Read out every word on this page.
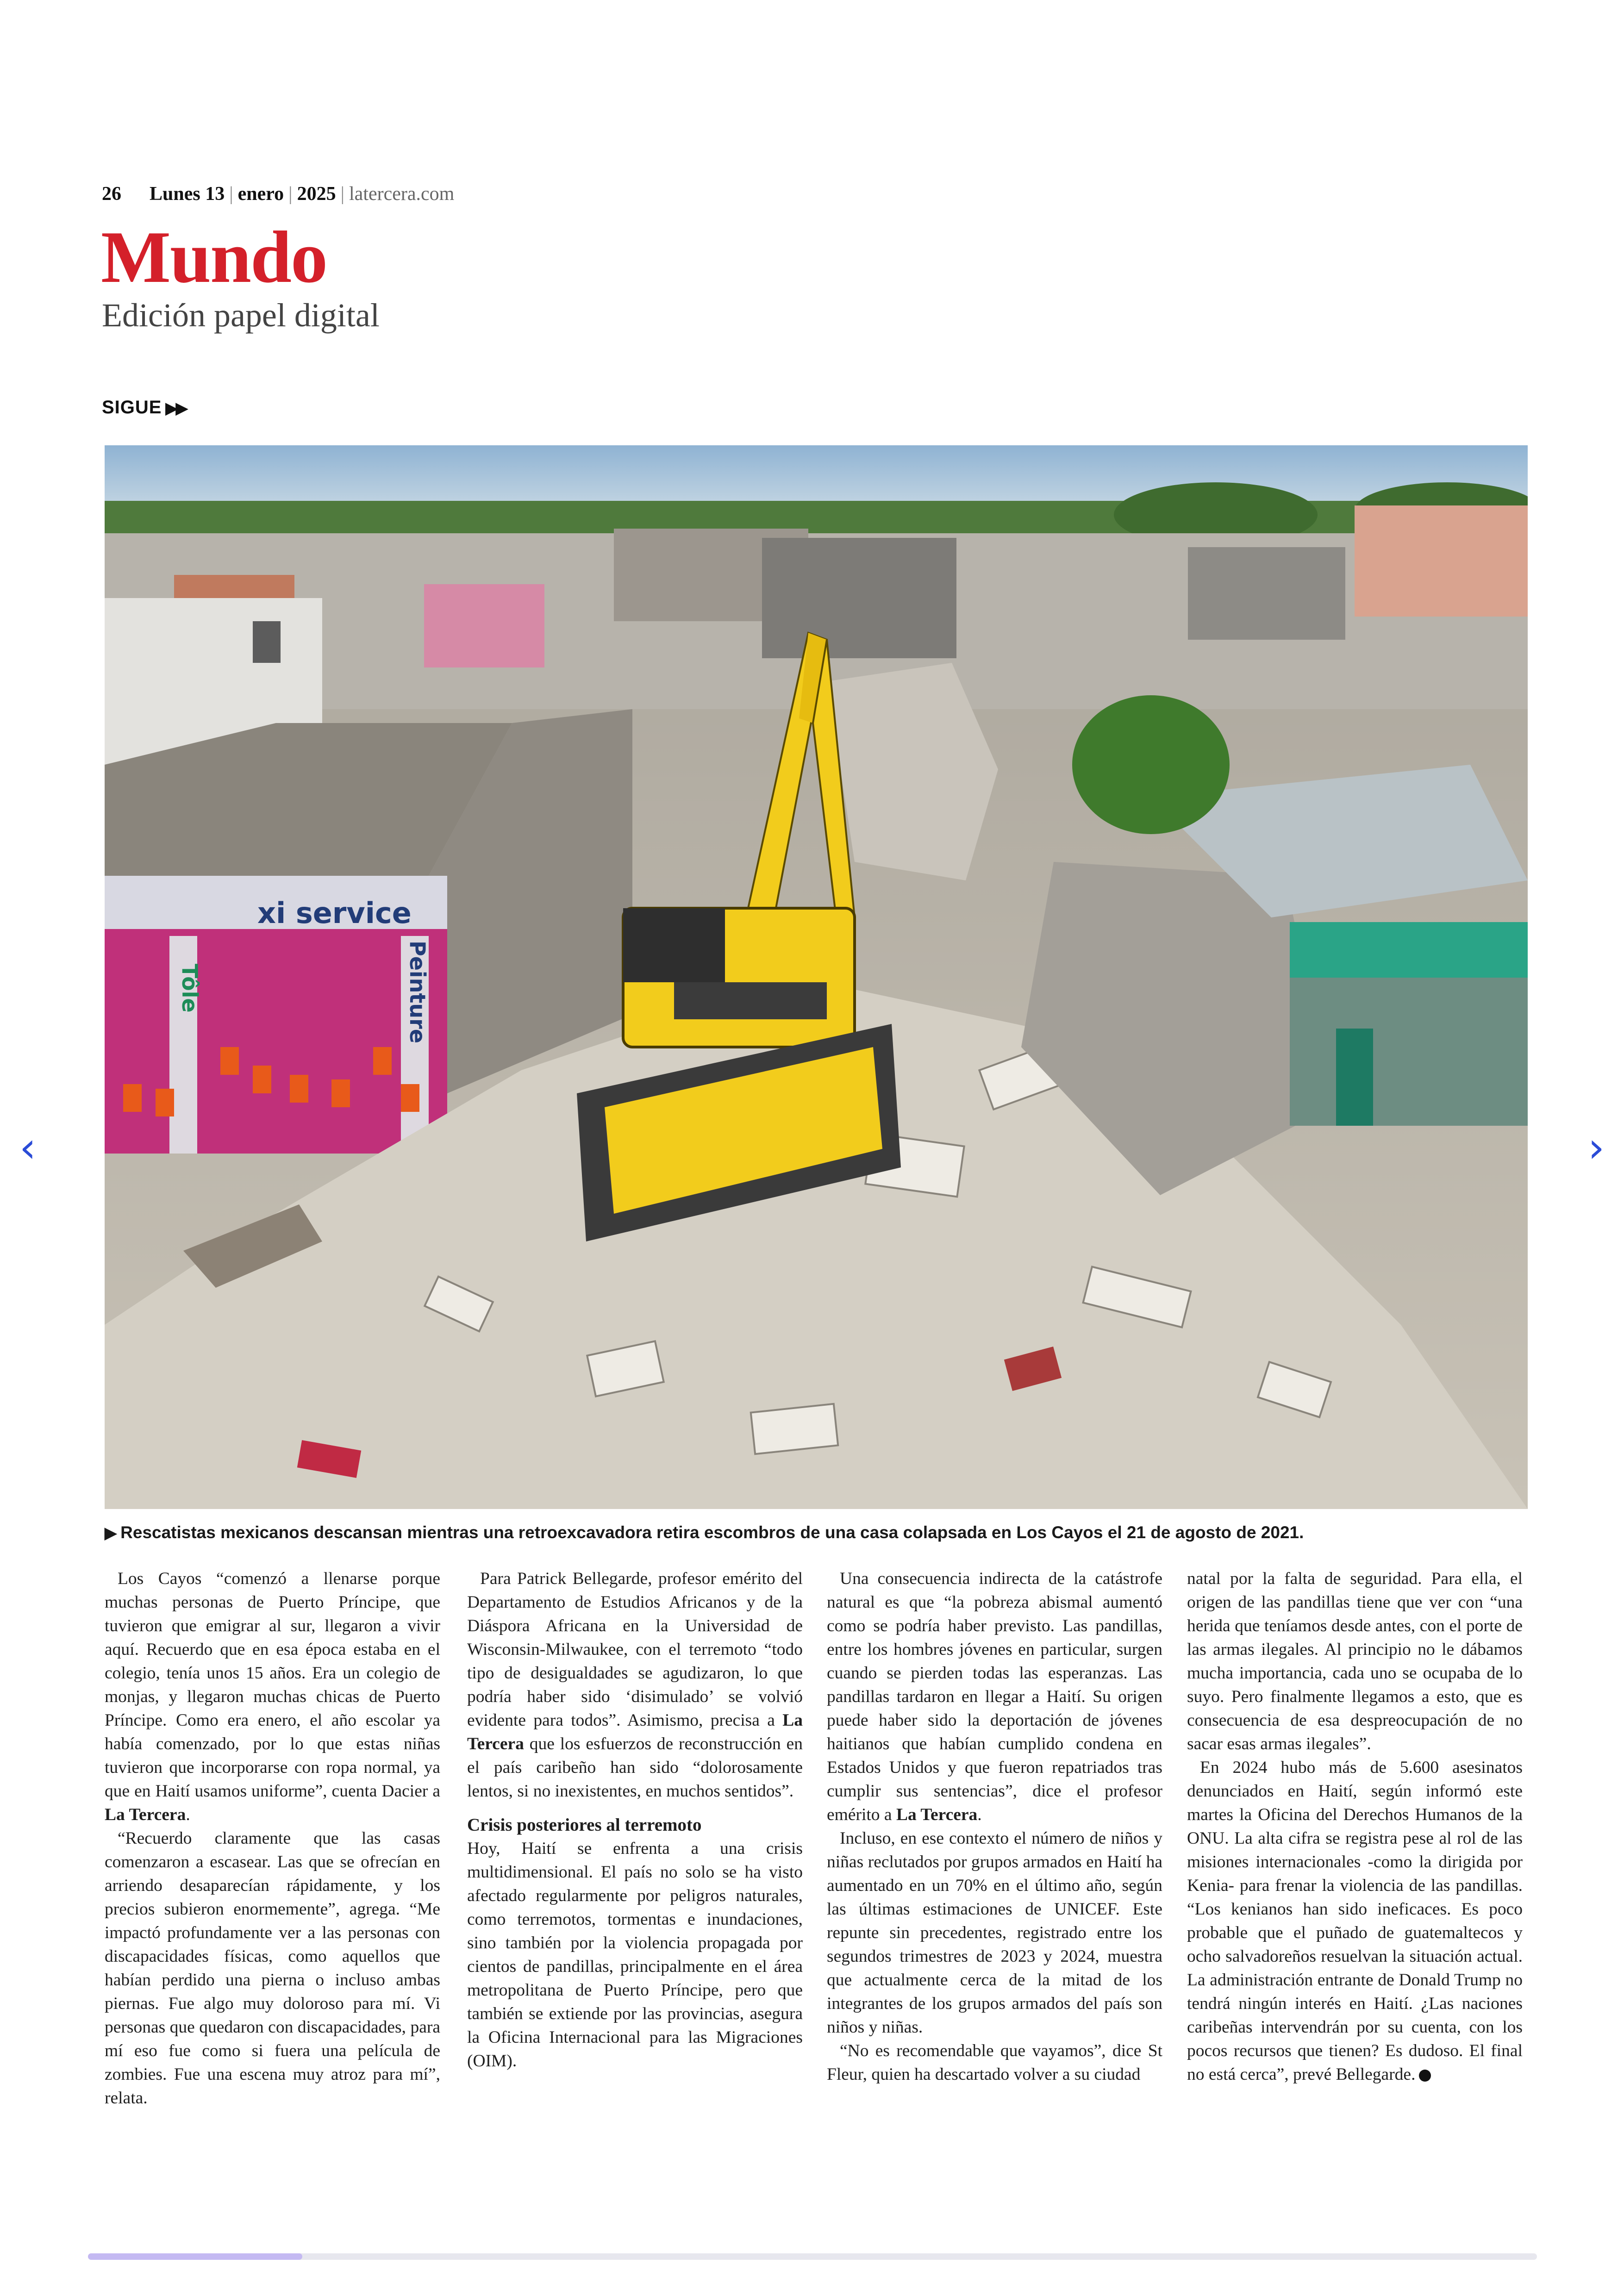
26 Lunes 13 | enero | 2025 | latercera.com
Mundo
Edición papel digital
SIGUE ▶▶
xi service
Tôle	Peinture
▶ Rescatistas mexicanos descansan mientras una retroexcavadora retira escombros de una casa colapsada en Los Cayos el 21 de agosto de 2021.

Los Cayos “comenzó a llenarse porque muchas personas de Puerto Príncipe, que tuvieron que emigrar al sur, llegaron a vivir aquí. Recuerdo que en esa época estaba en el colegio, tenía unos 15 años. Era un colegio de monjas, y llegaron muchas chicas de Puerto Príncipe. Como era enero, el año escolar ya había comenzado, por lo que estas niñas tuvieron que incorporarse con ropa normal, ya que en Haití usamos uniforme”, cuenta Dacier a La Tercera.

“Recuerdo claramente que las casas comenzaron a escasear. Las que se ofrecían en arriendo desaparecían rápidamente, y los precios subieron enormemente”, agrega. “Me impactó profundamente ver a las personas con discapacidades físicas, como aquellos que habían perdido una pierna o incluso ambas piernas. Fue algo muy doloroso para mí. Vi personas que quedaron con discapacidades, para mí eso fue como si fuera una película de zombies. Fue una escena muy atroz para mí”, relata.

Para Patrick Bellegarde, profesor emérito del Departamento de Estudios Africanos y de la Diáspora Africana en la Universidad de Wisconsin-Milwaukee, con el terremoto “todo tipo de desigualdades se agudizaron, lo que podría haber sido ‘disimulado’ se volvió evidente para todos”. Asimismo, precisa a La Tercera que los esfuerzos de reconstrucción en el país caribeño han sido “dolorosamente lentos, si no inexistentes, en muchos sentidos”.

Crisis posteriores al terremoto

Hoy, Haití se enfrenta a una crisis multidimensional. El país no solo se ha visto afectado regularmente por peligros naturales, como terremotos, tormentas e inundaciones, sino también por la violencia propagada por cientos de pandillas, principalmente en el área metropolitana de Puerto Príncipe, pero que también se extiende por las provincias, asegura la Oficina Internacional para las Migraciones (OIM).

Una consecuencia indirecta de la catástrofe natural es que “la pobreza abismal aumentó como se podría haber previsto. Las pandillas, entre los hombres jóvenes en particular, surgen cuando se pierden todas las esperanzas. Las pandillas tardaron en llegar a Haití. Su origen puede haber sido la deportación de jóvenes haitianos que habían cumplido condena en Estados Unidos y que fueron repatriados tras cumplir sus sentencias”, dice el profesor emérito a La Tercera.

Incluso, en ese contexto el número de niños y niñas reclutados por grupos armados en Haití ha aumentado en un 70% en el último año, según las últimas estimaciones de UNICEF. Este repunte sin precedentes, registrado entre los segundos trimestres de 2023 y 2024, muestra que actualmente cerca de la mitad de los integrantes de los grupos armados del país son niños y niñas.

“No es recomendable que vayamos”, dice St Fleur, quien ha descartado volver a su ciudad

natal por la falta de seguridad. Para ella, el origen de las pandillas tiene que ver con “una herida que teníamos desde antes, con el porte de las armas ilegales. Al principio no le dábamos mucha importancia, cada uno se ocupaba de lo suyo. Pero finalmente llegamos a esto, que es consecuencia de esa despreocupación de no sacar esas armas ilegales”.

En 2024 hubo más de 5.600 asesinatos denunciados en Haití, según informó este martes la Oficina del Derechos Humanos de la ONU. La alta cifra se registra pese al rol de las misiones internacionales -como la dirigida por Kenia- para frenar la violencia de las pandillas. “Los kenianos han sido ineficaces. Es poco probable que el puñado de guatemaltecos y ocho salvadoreños resuelvan la situación actual. La administración entrante de Donald Trump no tendrá ningún interés en Haití. ¿Las naciones caribeñas intervendrán por su cuenta, con los pocos recursos que tienen? Es dudoso. El final no está cerca”, prevé Bellegarde.

‹	›
